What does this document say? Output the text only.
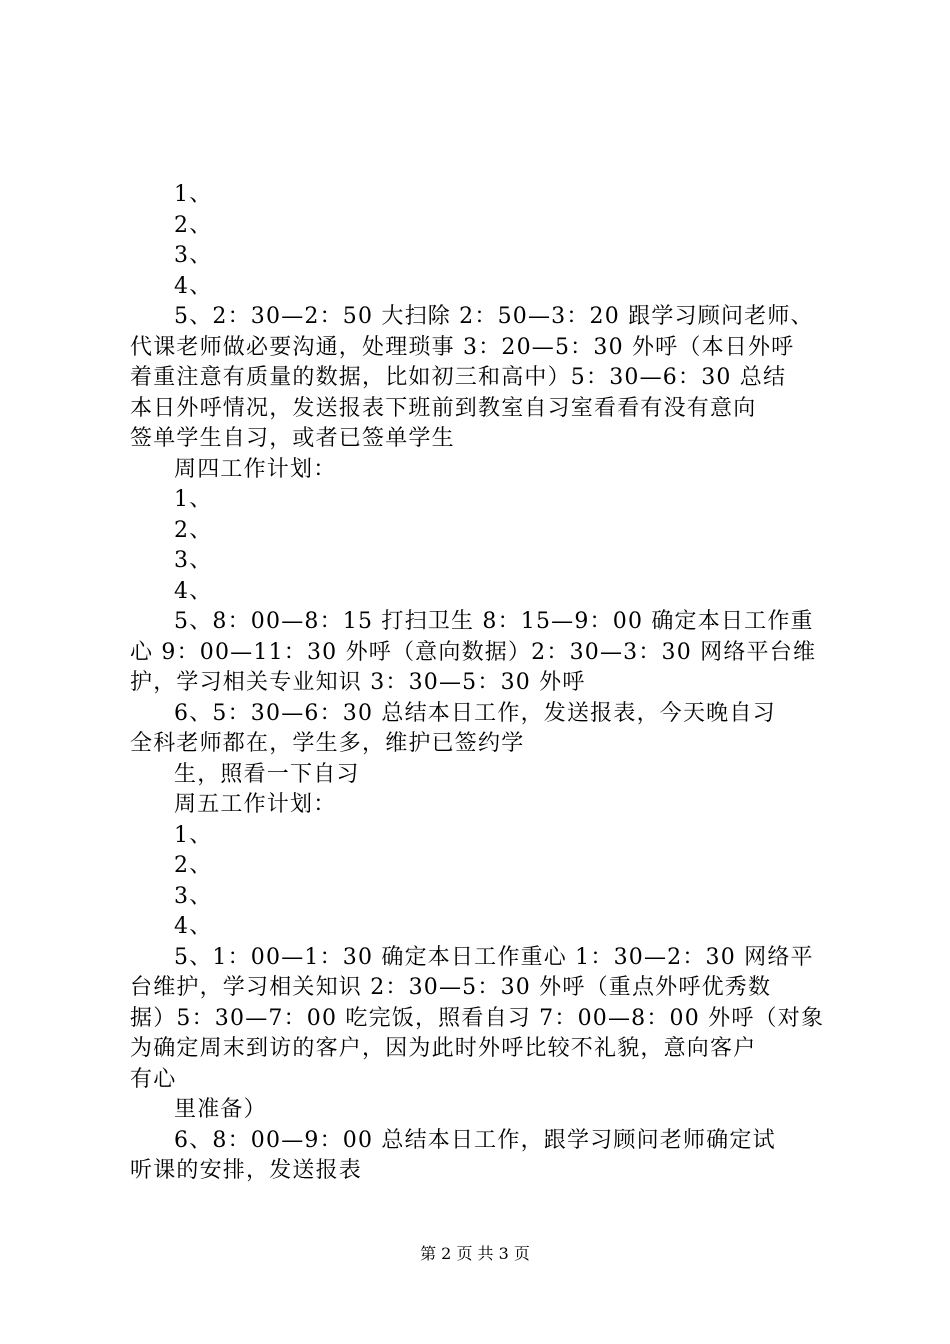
1、
2、
3、
4、
5、2：30—2：50 大扫除 2：50—3：20 跟学习顾问老师、
代课老师做必要沟通，处理琐事 3：20—5：30 外呼（本日外呼
着重注意有质量的数据，比如初三和高中）5：30—6：30 总结
本日外呼情况，发送报表下班前到教室自习室看看有没有意向
签单学生自习，或者已签单学生
周四工作计划：
1、
2、
3、
4、
5、8：00—8：15 打扫卫生 8：15—9：00 确定本日工作重
心 9：00—11：30 外呼（意向数据）2：30—3：30 网络平台维
护，学习相关专业知识 3：30—5：30 外呼
6、5：30—6：30 总结本日工作，发送报表，今天晚自习
全科老师都在，学生多，维护已签约学
生，照看一下自习
周五工作计划：
1、
2、
3、
4、
5、1：00—1：30 确定本日工作重心 1：30—2：30 网络平
台维护，学习相关知识 2：30—5：30 外呼（重点外呼优秀数
据）5：30—7：00 吃完饭，照看自习 7：00—8：00 外呼（对象
为确定周末到访的客户，因为此时外呼比较不礼貌，意向客户
有心
里准备）
6、8：00—9：00 总结本日工作，跟学习顾问老师确定试
听课的安排，发送报表
第 2 页 共 3 页
